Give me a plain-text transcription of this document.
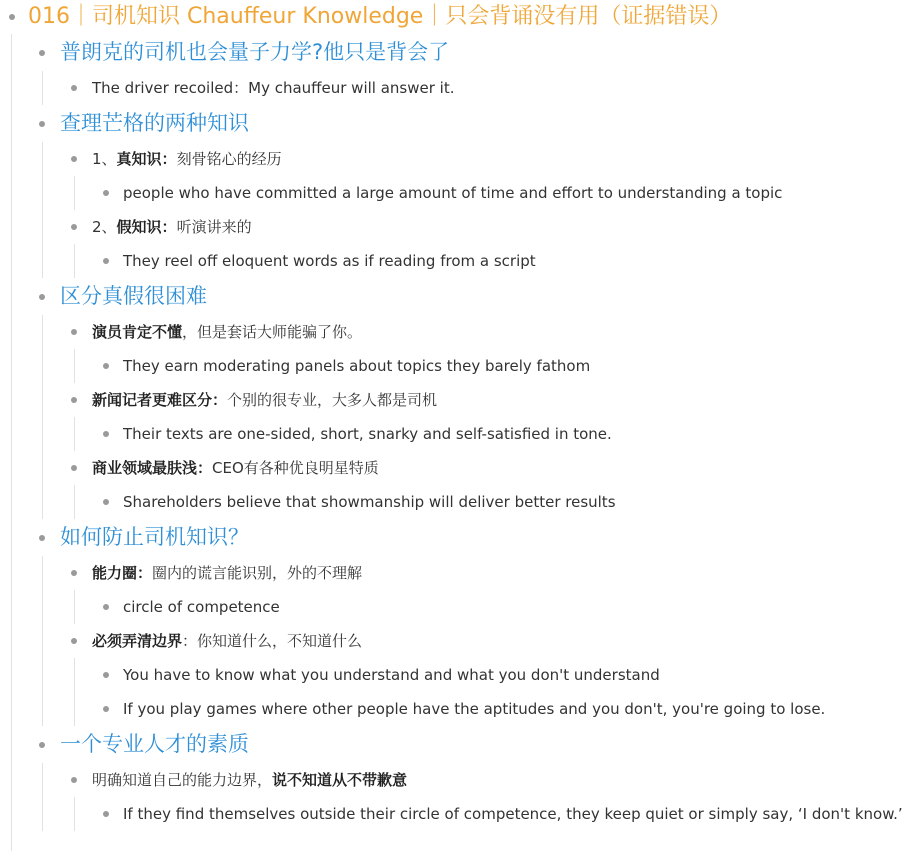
016｜司机知识 Chauffeur Knowledge｜只会背诵没有用（证据错误）
普朗克的司机也会量子力学?他只是背会了
The driver recoiled：My chauffeur will answer it.
查理芒格的两种知识
1、真知识：刻骨铭心的经历
people who have committed a large amount of time and effort to understanding a topic
2、假知识：听演讲来的
They reel off eloquent words as if reading from a script
区分真假很困难
演员肯定不懂，但是套话大师能骗了你。
They earn moderating panels about topics they barely fathom
新闻记者更难区分：个别的很专业，大多人都是司机
Their texts are one-sided, short, snarky and self-satisfied in tone.
商业领域最肤浅：CEO有各种优良明星特质
Shareholders believe that showmanship will deliver better results
如何防止司机知识？
能力圈：圈内的谎言能识别，外的不理解
circle of competence
必须弄清边界：你知道什么，不知道什么
You have to know what you understand and what you don't understand
If you play games where other people have the aptitudes and you don't, you're going to lose.
一个专业人才的素质
明确知道自己的能力边界，说不知道从不带歉意
If they find themselves outside their circle of competence, they keep quiet or simply say, ‘I don't know.’
